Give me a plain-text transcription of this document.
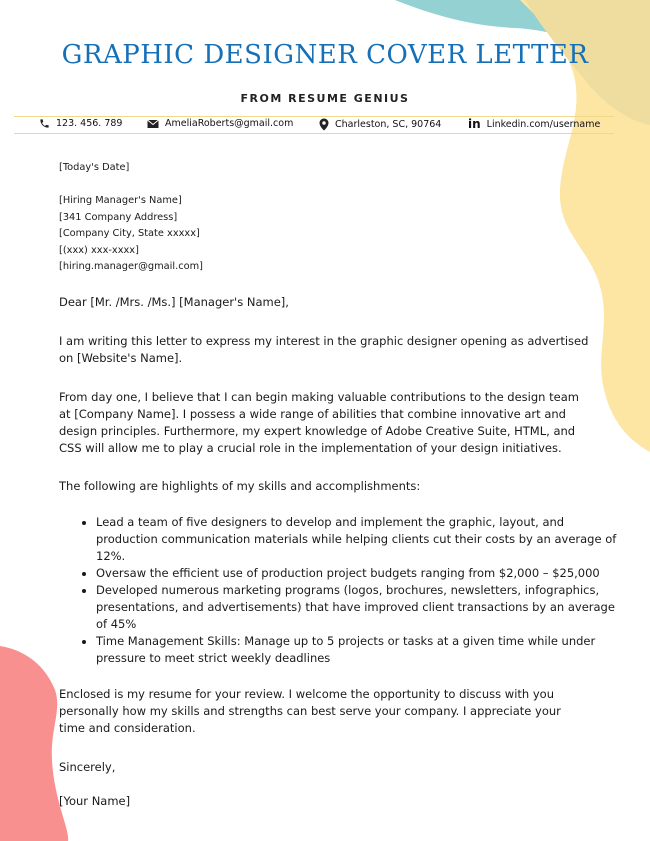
GRAPHIC DESIGNER COVER LETTER
FROM RESUME GENIUS
123. 456. 789	AmeliaRoberts@gmail.com	Charleston, SC, 90764 in Linkedin.com/username
[Today's Date]
[Hiring Manager's Name]
[341 Company Address]
[Company City, State xxxxx]
[(xxx) xxx-xxxx]
[hiring.manager@gmail.com]

Dear [Mr. /Mrs. /Ms.] [Manager's Name],

I am writing this letter to express my interest in the graphic designer opening as advertised on [Website's Name].

From day one, I believe that I can begin making valuable contributions to the design team at [Company Name]. I possess a wide range of abilities that combine innovative art and design principles. Furthermore, my expert knowledge of Adobe Creative Suite, HTML, and CSS will allow me to play a crucial role in the implementation of your design initiatives.

The following are highlights of my skills and accomplishments:

• Lead a team of five designers to develop and implement the graphic, layout, and production communication materials while helping clients cut their costs by an average of 12%.
• Oversaw the efficient use of production project budgets ranging from $2,000 – $25,000
• Developed numerous marketing programs (logos, brochures, newsletters, infographics, presentations, and advertisements) that have improved client transactions by an average of 45%
• Time Management Skills: Manage up to 5 projects or tasks at a given time while under pressure to meet strict weekly deadlines

Enclosed is my resume for your review. I welcome the opportunity to discuss with you personally how my skills and strengths can best serve your company. I appreciate your time and consideration.

Sincerely,

[Your Name]
